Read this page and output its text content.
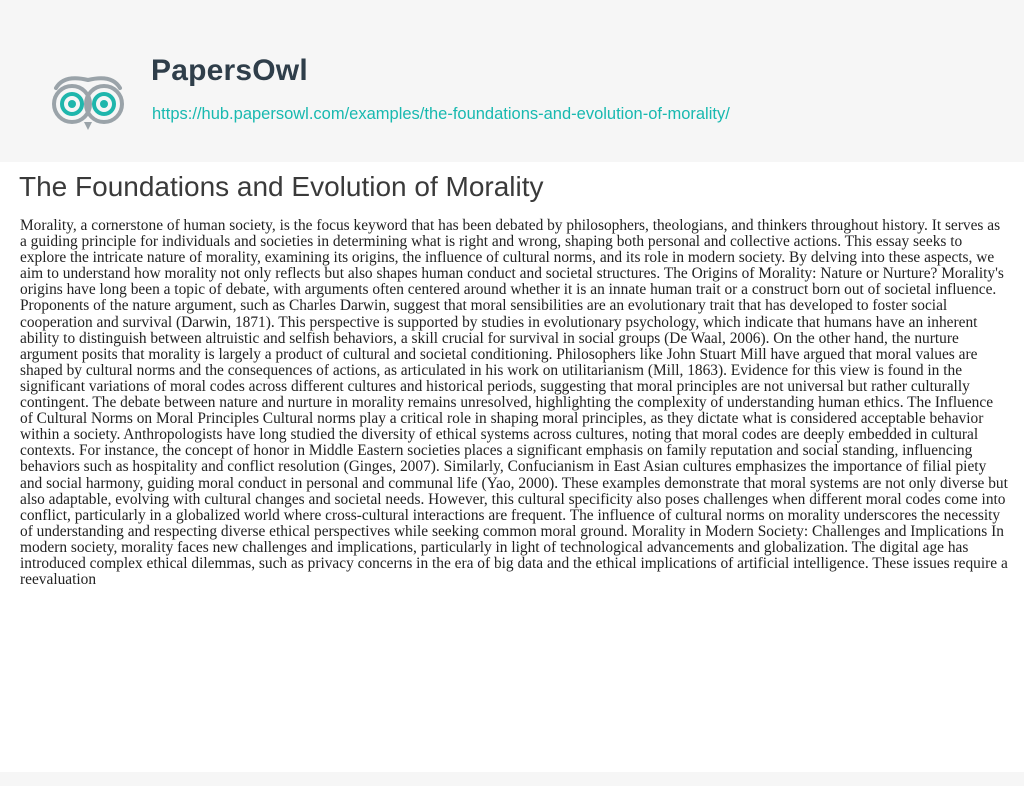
PapersOwl
https://hub.papersowl.com/examples/the-foundations-and-evolution-of-morality/
The Foundations and Evolution of Morality

Morality, a cornerstone of human society, is the focus keyword that has been debated by philosophers, theologians, and thinkers throughout history. It serves as a guiding principle for individuals and societies in determining what is right and wrong, shaping both personal and collective actions. This essay seeks to explore the intricate nature of morality, examining its origins, the influence of cultural norms, and its role in modern society. By delving into these aspects, we aim to understand how morality not only reflects but also shapes human conduct and societal structures. The Origins of Morality: Nature or Nurture? Morality's origins have long been a topic of debate, with arguments often centered around whether it is an innate human trait or a construct born out of societal influence. Proponents of the nature argument, such as Charles Darwin, suggest that moral sensibilities are an evolutionary trait that has developed to foster social cooperation and survival (Darwin, 1871). This perspective is supported by studies in evolutionary psychology, which indicate that humans have an inherent ability to distinguish between altruistic and selfish behaviors, a skill crucial for survival in social groups (De Waal, 2006). On the other hand, the nurture argument posits that morality is largely a product of cultural and societal conditioning. Philosophers like John Stuart Mill have argued that moral values are shaped by cultural norms and the consequences of actions, as articulated in his work on utilitarianism (Mill, 1863). Evidence for this view is found in the significant variations of moral codes across different cultures and historical periods, suggesting that moral principles are not universal but rather culturally contingent. The debate between nature and nurture in morality remains unresolved, highlighting the complexity of understanding human ethics. The Influence of Cultural Norms on Moral Principles Cultural norms play a critical role in shaping moral principles, as they dictate what is considered acceptable behavior within a society. Anthropologists have long studied the diversity of ethical systems across cultures, noting that moral codes are deeply embedded in cultural contexts. For instance, the concept of honor in Middle Eastern societies places a significant emphasis on family reputation and social standing, influencing behaviors such as hospitality and conflict resolution (Ginges, 2007). Similarly, Confucianism in East Asian cultures emphasizes the importance of filial piety and social harmony, guiding moral conduct in personal and communal life (Yao, 2000). These examples demonstrate that moral systems are not only diverse but also adaptable, evolving with cultural changes and societal needs. However, this cultural specificity also poses challenges when different moral codes come into conflict, particularly in a globalized world where cross-cultural interactions are frequent. The influence of cultural norms on morality underscores the necessity of understanding and respecting diverse ethical perspectives while seeking common moral ground. Morality in Modern Society: Challenges and Implications In modern society, morality faces new challenges and implications, particularly in light of technological advancements and globalization. The digital age has introduced complex ethical dilemmas, such as privacy concerns in the era of big data and the ethical implications of artificial intelligence. These issues require a reevaluation
